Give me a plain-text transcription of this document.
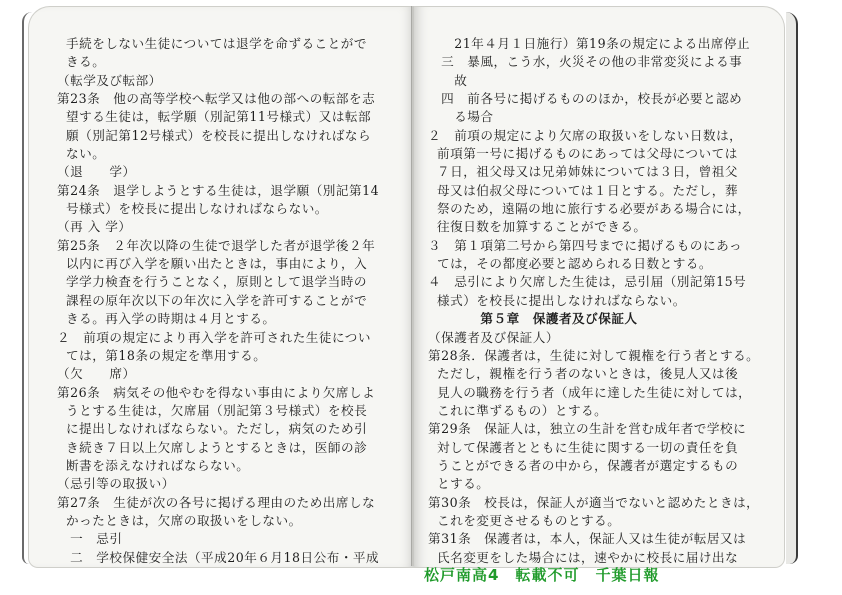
手続をしない生徒については退学を命ずることがで
きる。
（転学及び転部）
第23条　他の高等学校へ転学又は他の部への転部を志
望する生徒は，転学願（別記第11号様式）又は転部
願（別記第12号様式）を校長に提出しなければなら
ない。
（退　　学）
第24条　退学しようとする生徒は，退学願（別記第14
号様式）を校長に提出しなければならない。
（再 入 学）
第25条　２年次以降の生徒で退学した者が退学後２年
以内に再び入学を願い出たときは，事由により，入
学学力検査を行うことなく，原則として退学当時の
課程の原年次以下の年次に入学を許可することがで
きる。再入学の時期は４月とする。
２　前項の規定により再入学を許可された生徒につい
ては，第18条の規定を準用する。
（欠　　席）
第26条　病気その他やむを得ない事由により欠席しよ
うとする生徒は，欠席届（別記第３号様式）を校長
に提出しなければならない。ただし，病気のため引
き続き７日以上欠席しようとするときは，医師の診
断書を添えなければならない。
（忌引等の取扱い）
第27条　生徒が次の各号に掲げる理由のため出席しな
かったときは，欠席の取扱いをしない。
　一　忌引
　二　学校保健安全法（平成20年６月18日公布・平成
　　21年４月１日施行）第19条の規定による出席停止
　三　暴風，こう水，火災その他の非常変災による事
　　故
　四　前各号に掲げるもののほか，校長が必要と認め
　　る場合
２　前項の規定により欠席の取扱いをしない日数は，
前項第一号に掲げるものにあっては父母については
７日，祖父母又は兄弟姉妹については３日，曾祖父
母又は伯叔父母については１日とする。ただし，葬
祭のため，遠隔の地に旅行する必要がある場合には，
往復日数を加算することができる。
３　第１項第二号から第四号までに掲げるものにあっ
ては，その都度必要と認められる日数とする。
４　忌引により欠席した生徒は，忌引届（別記第15号
様式）を校長に提出しなければならない。
　　　　第５章　保護者及び保証人
（保護者及び保証人）
第28条．保護者は，生徒に対して親権を行う者とする。
ただし，親権を行う者のないときは，後見人又は後
見人の職務を行う者（成年に達した生徒に対しては，
これに準ずるもの）とする。
第29条　保証人は，独立の生計を営む成年者で学校に
対して保護者とともに生徒に関する一切の責任を負
うことができる者の中から，保護者が選定するもの
とする。
第30条　校長は，保証人が適当でないと認めたときは，
これを変更させるものとする。
第31条　保護者は，本人，保証人又は生徒が転居又は
氏名変更をした場合には，速やかに校長に届け出な
松戸南高4　転載不可　千葉日報
